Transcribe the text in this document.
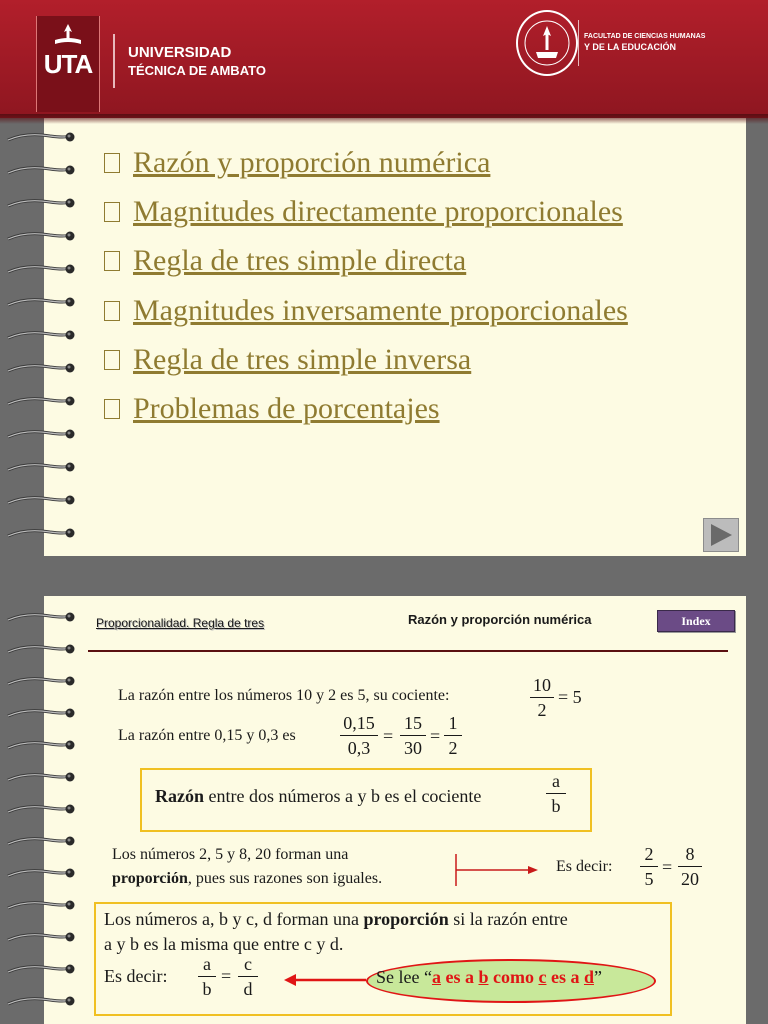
UTA	UNIVERSIDAD
TÉCNICA DE AMBATO
FACULTAD DE CIENCIAS HUMANAS
Y DE LA EDUCACIÓN
Razón y proporción numérica
Magnitudes directamente proporcionales
Regla de tres simple directa
Magnitudes inversamente proporcionales
Regla de tres simple inversa
Problemas de porcentajes
Proporcionalidad. Regla de tres	Razón y proporción numérica	Index
La razón entre los números 10 y 2 es 5, su cociente:
10
2
= 5
La razón entre 0,15 y 0,3 es
0,15
0,3
=
15
30
=
1
2
Razón entre dos números a y b es el cociente
a
b
Los números 2, 5 y 8, 20 forman una
proporción, pues sus razones son iguales.
Es decir:
2
5
=
8
20
Los números a, b y c, d forman una proporción si la razón entre
a y b es la misma que entre c y d.
Es decir:
a
b
=
c
d
Se lee “a es a b como c es a d”
